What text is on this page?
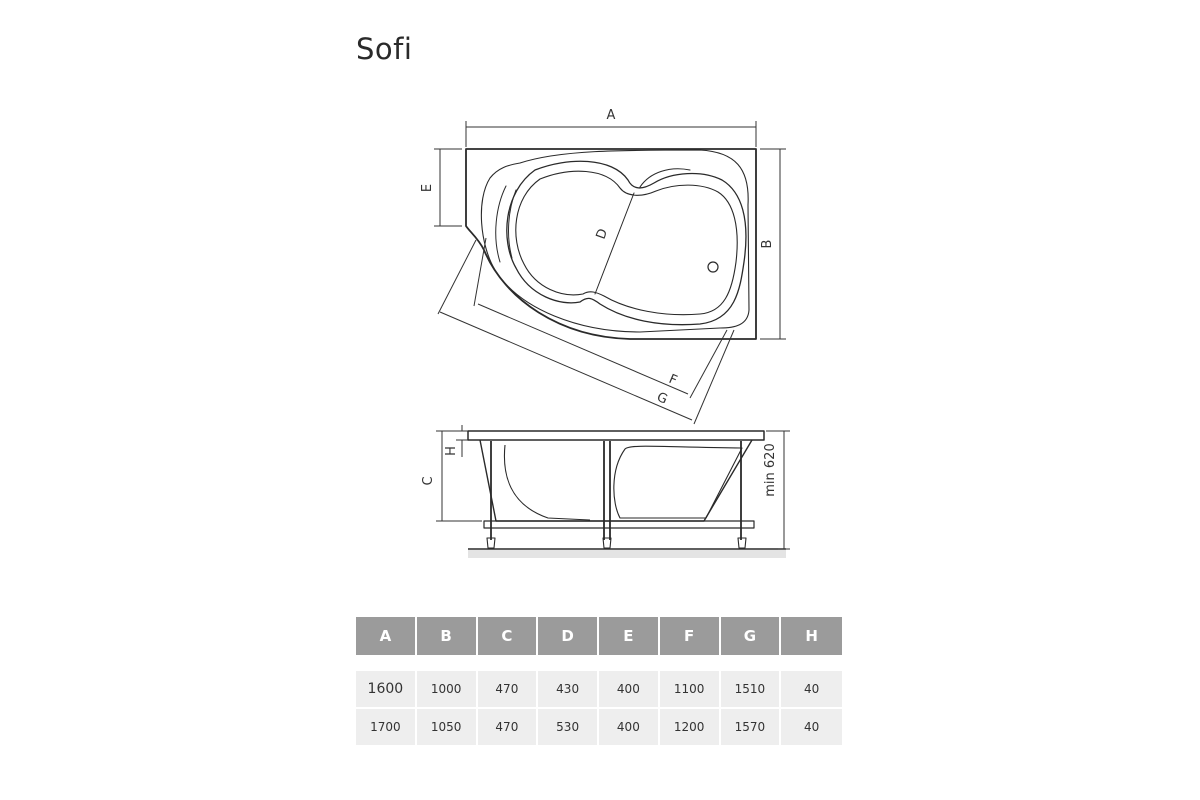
Sofi
D
A
B
E
F
G
H
C	min 620
A	B	C	D	E	F	G	H

1600	1000	470	430	400	1100	1510	40
1700	1050	470	530	400	1200	1570	40
